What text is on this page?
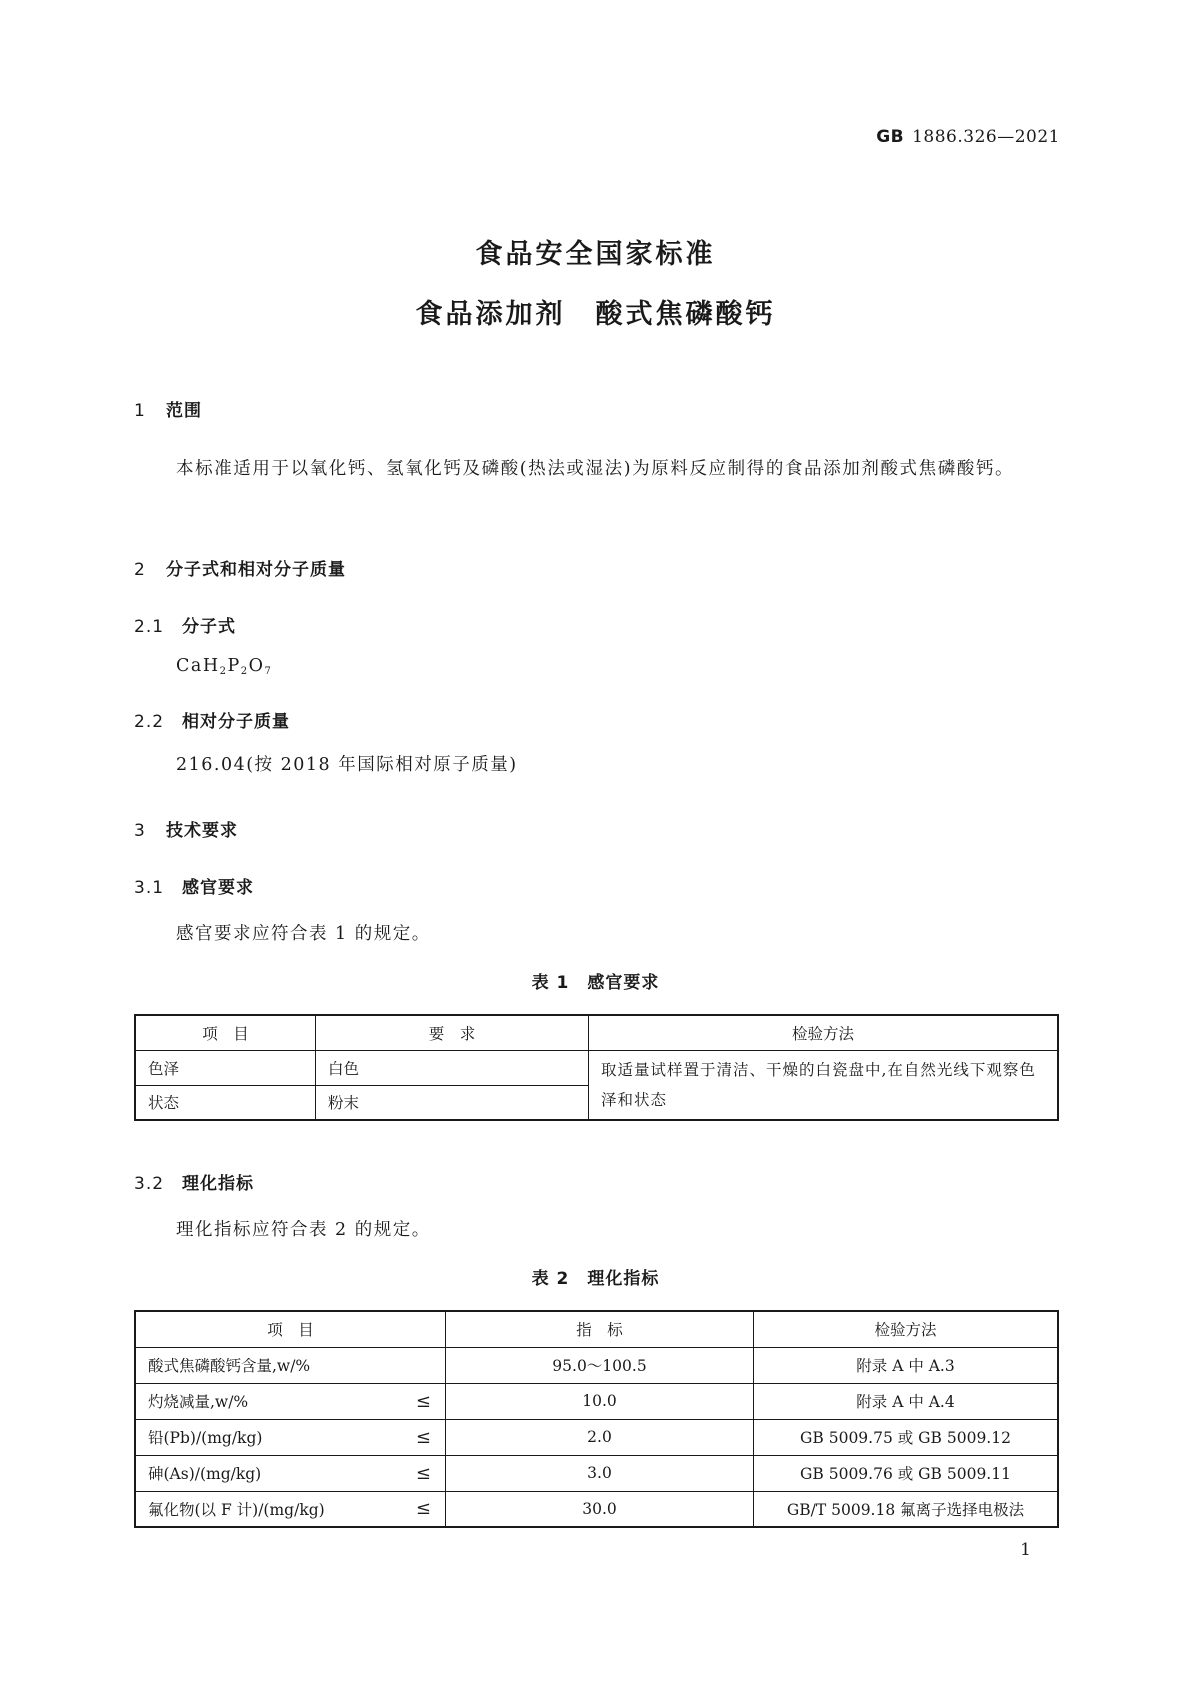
GB 1886.326—2021
食品安全国家标准
食品添加剂　酸式焦磷酸钙
1 范围
本标准适用于以氧化钙、氢氧化钙及磷酸(热法或湿法)为原料反应制得的食品添加剂酸式焦磷酸钙。
2 分子式和相对分子质量
2.1 分子式
$CaH_2P_2O_7$
2.2 相对分子质量
216.04(按 2018 年国际相对原子质量)
3 技术要求
3.1 感官要求
感官要求应符合表 1 的规定。
表 1 感官要求
项　目	要　求	检验方法
色泽	白色	取适量试样置于清洁、干燥的白瓷盘中,在自然光线下观察色泽和状态
状态	粉末	
3.2 理化指标
理化指标应符合表 2 的规定。
表 2 理化指标
项　目	指　标	检验方法
酸式焦磷酸钙含量,w/%	95.0～100.5	附录 A 中 A.3

灼烧减量,w/% ≤	10.0	附录 A 中 A.4

铅(Pb)/(mg/kg) ≤	2.0	GB 5009.75 或 GB 5009.12

砷(As)/(mg/kg) ≤	3.0	GB 5009.76 或 GB 5009.11

氟化物(以 F 计)/(mg/kg) ≤	30.0	GB/T 5009.18 氟离子选择电极法
1
